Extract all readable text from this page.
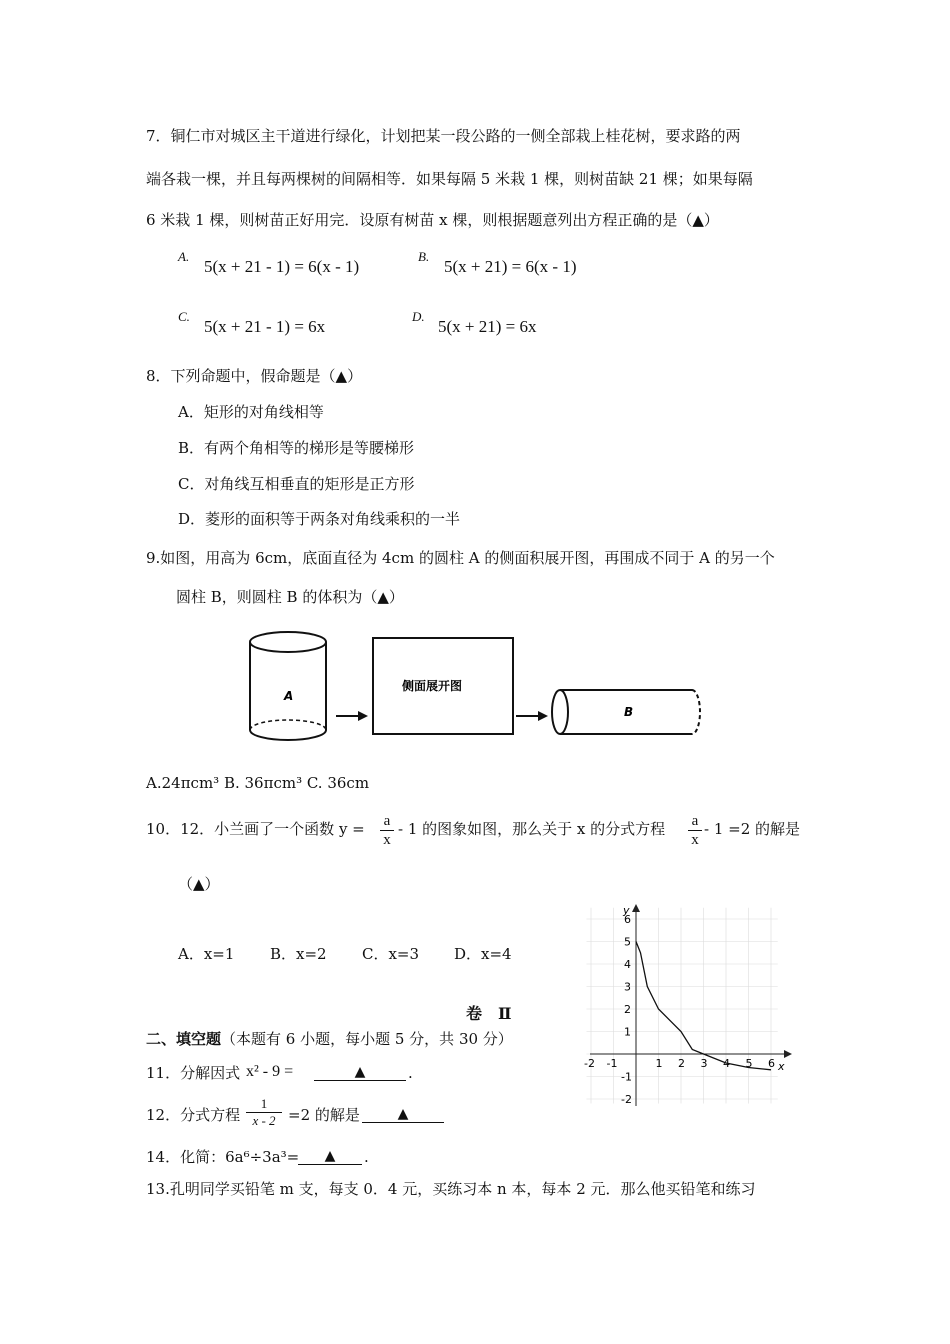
7．铜仁市对城区主干道进行绿化，计划把某一段公路的一侧全部栽上桂花树，要求路的两
端各栽一棵，并且每两棵树的间隔相等．如果每隔 5 米栽 1 棵，则树苗缺 21 棵；如果每隔
6 米栽 1 棵，则树苗正好用完．设原有树苗 x 棵，则根据题意列出方程正确的是（▲）
A.
5(x + 21 - 1) = 6(x - 1)
B.
5(x + 21) = 6(x - 1)
C.
5(x + 21 - 1) = 6x
D.
5(x + 21) = 6x
8．下列命题中，假命题是（▲）
A．矩形的对角线相等
B．有两个角相等的梯形是等腰梯形
C．对角线互相垂直的矩形是正方形
D．菱形的面积等于两条对角线乘积的一半
9.如图，用高为 6cm，底面直径为 4cm 的圆柱 A 的侧面积展开图，再围成不同于 A 的另一个
圆柱 B，则圆柱 B 的体积为（▲）
A
侧面展开图
B
A.24πcm³ B. 36πcm³ C. 36cm
10．12．小兰画了一个函数 y = a
x
- 1 的图象如图，那么关于 x 的分式方程 a
x
- 1 =2 的解是
（▲）
A．x=1 B．x=2 C．x=3 D．x=4
x
y
-2 -1	1 2 3 4 5 6
6
5
4
3
2
1
-1
-2
卷　Ⅱ
二、填空题（本题有 6 小题，每小题 5 分，共 30 分）
11．分解因式 x² - 9 =	▲	.
12．分式方程
1
x - 2 =2 的解是	▲
14．化简：6a⁶÷3a³=	▲	.
13.孔明同学买铅笔 m 支，每支 0．4 元，买练习本 n 本，每本 2 元．那么他买铅笔和练习
